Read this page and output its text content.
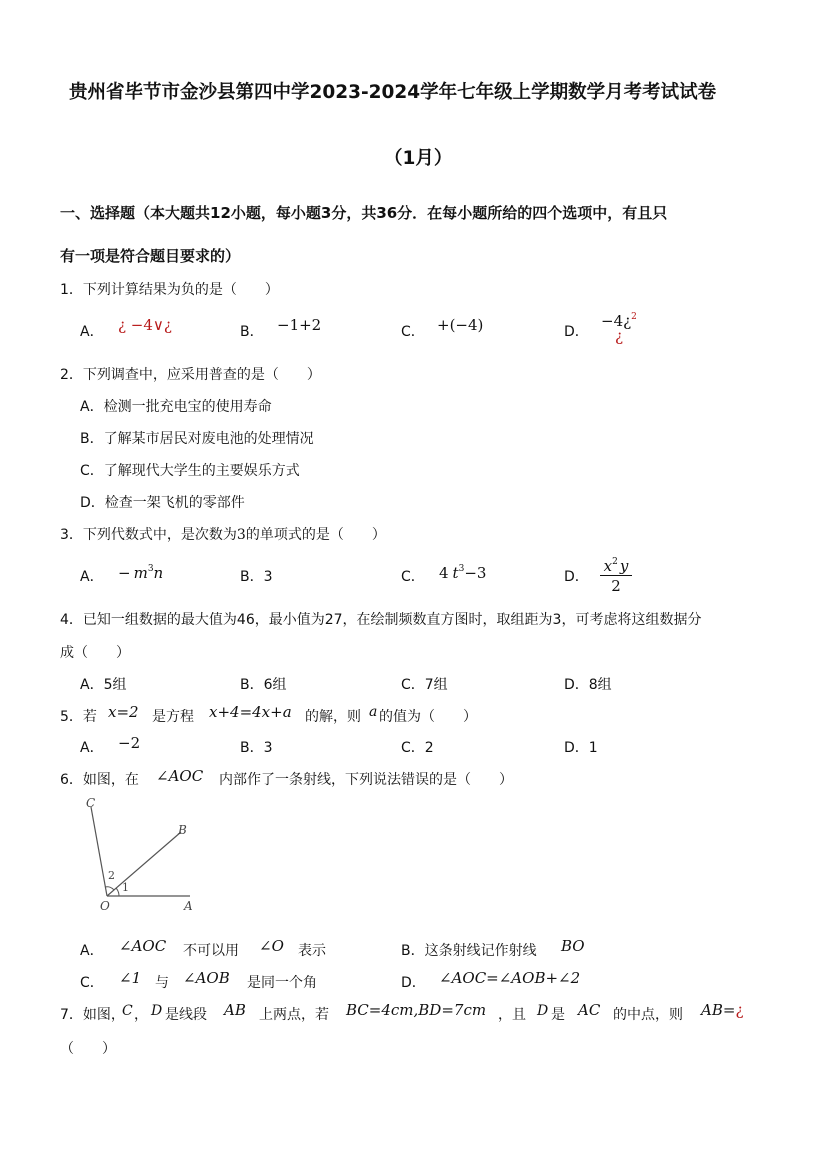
贵州省毕节市金沙县第四中学2023-2024学年七年级上学期数学月考考试试卷
（1月）
一、选择题（本大题共12小题，每小题3分，共36分．在每小题所给的四个选项中，有且只
有一项是符合题目要求的）
1．下列计算结果为负的是（　　）
A． ¿ −4∨¿	B． −1+2	C． +(−4)	D．
−4¿$^2$
¿
2．下列调查中，应采用普查的是（　　）
A．检测一批充电宝的使用寿命
B．了解某市居民对废电池的处理情况
C．了解现代大学生的主要娱乐方式
D．检查一架飞机的零部件
3．下列代数式中，是次数为3的单项式的是（　　）
A． − $m^3n$	B．3	C． 4 $t^3-3$	D．
$x^2$ y
2
4．已知一组数据的最大值为46，最小值为27，在绘制频数直方图时，取组距为3，可考虑将这组数据分
成（　　）
A．5组	B．6组	C．7组	D．8组
5．若 x=2 是方程 x+4=4x+a 的解，则 a 的值为（　　）
A． −2	B．3	C．2	D．1
6．如图，在 ∠AOC 内部作了一条射线，下列说法错误的是（　　）
C
B
O	A
1
2
A． ∠AOC 不可以用 ∠O 表示	B．这条射线记作射线 BO
C． ∠1 与 ∠AOB 是同一个角	D． ∠AOC=∠AOB+∠2
7．如图，
C ， D 是线段 AB 上两点，若 BC=4cm,BD=7cm ，且 D 是 AC 的中点，则 AB=¿
（　　）
